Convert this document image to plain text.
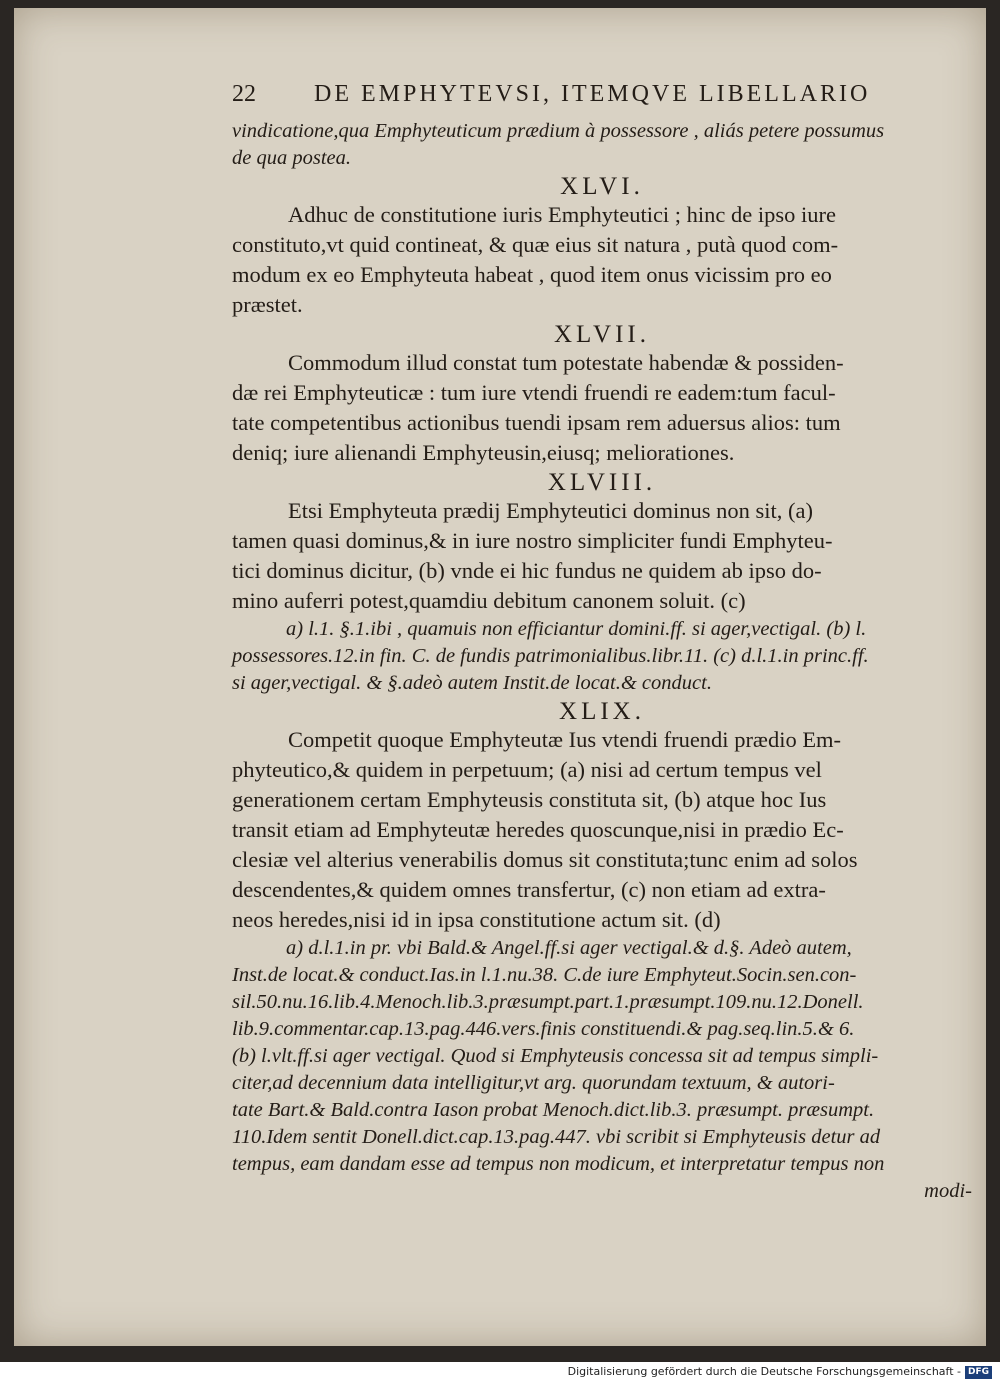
22 DE EMPHYTEVSI, ITEMQVE LIBELLARIO
vindicatione,qua Emphyteuticum prædium à possessore , aliás petere possumus
de qua postea.
XLVI.
Adhuc de constitutione iuris Emphyteutici ; hinc de ipso iure
constituto,vt quid contineat, & quæ eius sit natura , putà quod com-
modum ex eo Emphyteuta habeat , quod item onus vicissim pro eo
præstet.
XLVII.
Commodum illud constat tum potestate habendæ & possiden-
dæ rei Emphyteuticæ : tum iure vtendi fruendi re eadem:tum facul-
tate competentibus actionibus tuendi ipsam rem aduersus alios: tum
deniq; iure alienandi Emphyteusin,eiusq; meliorationes.
XLVIII.
Etsi Emphyteuta prædij Emphyteutici dominus non sit, (a)
tamen quasi dominus,& in iure nostro simpliciter fundi Emphyteu-
tici dominus dicitur, (b) vnde ei hic fundus ne quidem ab ipso do-
mino auferri potest,quamdiu debitum canonem soluit. (c)
a) l.1. §.1.ibi , quamuis non efficiantur domini.ff. si ager,vectigal. (b) l.
possessores.12.in fin. C. de fundis patrimonialibus.libr.11. (c) d.l.1.in princ.ff.
si ager,vectigal. & §.adeò autem Instit.de locat.& conduct.
XLIX.
Competit quoque Emphyteutæ Ius vtendi fruendi prædio Em-
phyteutico,& quidem in perpetuum; (a) nisi ad certum tempus vel
generationem certam Emphyteusis constituta sit, (b) atque hoc Ius
transit etiam ad Emphyteutæ heredes quoscunque,nisi in prædio Ec-
clesiæ vel alterius venerabilis domus sit constituta;tunc enim ad solos
descendentes,& quidem omnes transfertur, (c) non etiam ad extra-
neos heredes,nisi id in ipsa constitutione actum sit. (d)
a) d.l.1.in pr. vbi Bald.& Angel.ff.si ager vectigal.& d.§. Adeò autem,
Inst.de locat.& conduct.Ias.in l.1.nu.38. C.de iure Emphyteut.Socin.sen.con-
sil.50.nu.16.lib.4.Menoch.lib.3.præsumpt.part.1.præsumpt.109.nu.12.Donell.
lib.9.commentar.cap.13.pag.446.vers.finis constituendi.& pag.seq.lin.5.& 6.
(b) l.vlt.ff.si ager vectigal. Quod si Emphyteusis concessa sit ad tempus simpli-
citer,ad decennium data intelligitur,vt arg. quorundam textuum, & autori-
tate Bart.& Bald.contra Iason probat Menoch.dict.lib.3. præsumpt. præsumpt.
110.Idem sentit Donell.dict.cap.13.pag.447. vbi scribit si Emphyteusis detur ad
tempus, eam dandam esse ad tempus non modicum, et interpretatur tempus non
modi-
Digitalisierung gefördert durch die Deutsche Forschungsgemeinschaft - DFG
